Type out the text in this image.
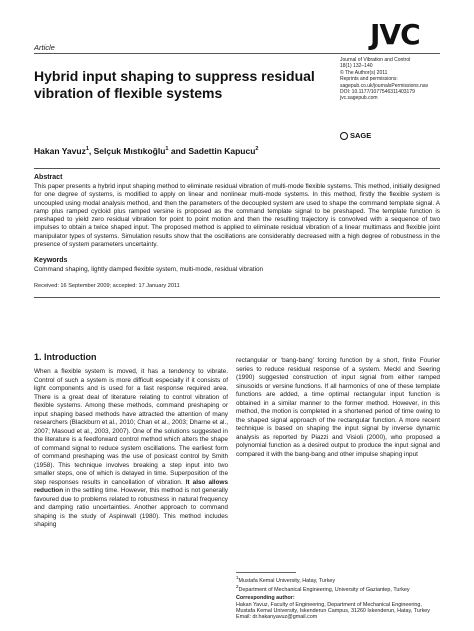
Article	JVC
Journal of Vibration and Control
18(1) 132–140
© The Author(s) 2011
Reprints and permissions:
sagepub.co.uk/journalsPermissions.nav
DOI: 10.1177/1077546311403179
jvc.sagepub.com
SAGE
Hybrid input shaping to suppress residual vibration of flexible systems
Hakan Yavuz$^1$, Selçuk Mıstıkoğlu$^1$ and Sadettin Kapucu$^2$
Abstract
This paper presents a hybrid input shaping method to eliminate residual vibration of multi-mode flexible systems. This method, initially designed for one degree of systems, is modified to apply on linear and nonlinear multi-mode systems. In this method, firstly the flexible system is uncoupled using modal analysis method, and then the parameters of the decoupled system are used to shape the command template signal. A ramp plus ramped cycloid plus ramped versine is proposed as the command template signal to be preshaped. The template function is preshaped to yield zero residual vibration for point to point motion and then the resulting trajectory is convolved with a sequence of two impulses to obtain a twice shaped input. The proposed method is applied to eliminate residual vibration of a linear multimass and flexible joint manipulator types of systems. Simulation results show that the oscillations are considerably decreased with a high degree of robustness in the presence of system parameters uncertainty.
Keywords
Command shaping, lightly damped flexible system, multi-mode, residual vibration
Received: 16 September 2009; accepted: 17 January 2011
1. Introduction
When a flexible system is moved, it has a tendency to vibrate. Control of such a system is more difficult especially if it consists of light components and is used for a fast response required area. There is a great deal of literature relating to control vibration of flexible systems. Among these methods, command preshaping or input shaping based methods have attracted the attention of many researchers (Blackburn et al., 2010; Chan et al., 2003; Dharne et al., 2007; Masoud et al., 2003, 2007). One of the solutions suggested in the literature is a feedforward control method which alters the shape of command signal to reduce system oscillations. The earliest form of command preshaping was the use of posicast control by Smith (1958). This technique involves breaking a step input into two smaller steps, one of which is delayed in time. Superposition of the step responses results in cancellation of vibration. It also allows reduction in the settling time. However, this method is not generally favoured due to problems related to robustness in natural frequency and damping ratio uncertainties. Another approach to command shaping is the study of Aspinwall (1980). This method includes shaping
rectangular or ‘bang-bang’ forcing function by a short, finite Fourier series to reduce residual response of a system. Meckl and Seering (1990) suggested construction of input signal from either ramped sinusoids or versine functions. If all harmonics of one of these template functions are added, a time optimal rectangular input function is obtained in a similar manner to the former method. However, in this method, the motion is completed in a shortened period of time owing to the shaped signal approach of the rectangular function. A more recent technique is based on shaping the input signal by inverse dynamic analysis as reported by Piazzi and Visioli (2000), who proposed a polynomial function as a desired output to produce the input signal and compared it with the bang-bang and other impulse shaping input
$^1$Mustafa Kemal University, Hatay, Turkey
$^2$Department of Mechanical Engineering, University of Gaziantep, Turkey
Corresponding author:
Hakan Yavuz, Faculty of Engineering, Department of Mechanical Engineering, Mustafa Kemal University, Iskenderun Campus, 31260 Iskenderun, Hatay, Turkey
Email: dr.hakanyavuz@gmail.com
